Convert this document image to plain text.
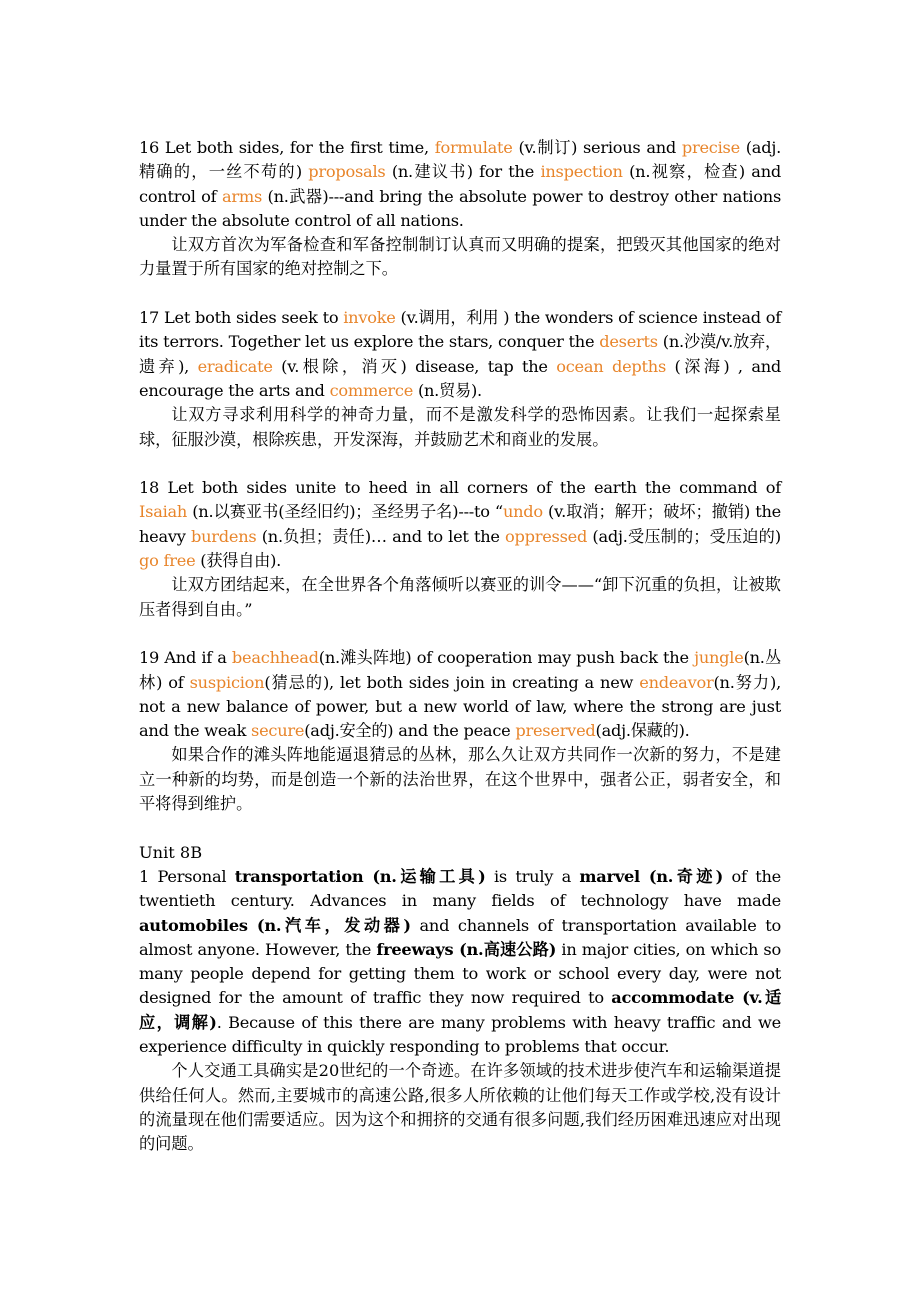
16 Let both sides, for the first time, formulate (v.制订) serious and precise (adj.精确的，一丝不苟的) proposals (n.建议书) for the inspection (n.视察，检查) and control of arms (n.武器)---and bring the absolute power to destroy other nations under the absolute control of all nations.

让双方首次为军备检查和军备控制制订认真而又明确的提案，把毁灭其他国家的绝对力量置于所有国家的绝对控制之下。

17 Let both sides seek to invoke (v.调用，利用 ) the wonders of science instead of its terrors. Together let us explore the stars, conquer the deserts (n.沙漠/v.放弃，遗弃), eradicate (v.根除，消灭) disease, tap the ocean depths (深海) , and encourage the arts and commerce (n.贸易).

让双方寻求利用科学的神奇力量，而不是激发科学的恐怖因素。让我们一起探索星球，征服沙漠，根除疾患，开发深海，并鼓励艺术和商业的发展。

18 Let both sides unite to heed in all corners of the earth the command of Isaiah (n.以赛亚书(圣经旧约)；圣经男子名)---to “undo (v.取消；解开；破坏；撤销) the heavy burdens (n.负担；责任)… and to let the oppressed (adj.受压制的；受压迫的) go free (获得自由).

让双方团结起来，在全世界各个角落倾听以赛亚的训令——“卸下沉重的负担，让被欺压者得到自由。”

19 And if a beachhead(n.滩头阵地) of cooperation may push back the jungle(n.丛林) of suspicion(猜忌的), let both sides join in creating a new endeavor(n.努力), not a new balance of power, but a new world of law, where the strong are just and the weak secure(adj.安全的) and the peace preserved(adj.保藏的).

如果合作的滩头阵地能逼退猜忌的丛林，那么久让双方共同作一次新的努力，不是建立一种新的均势，而是创造一个新的法治世界，在这个世界中，强者公正，弱者安全，和平将得到维护。

Unit 8B

1 Personal transportation (n.运输工具) is truly a marvel (n.奇迹) of the twentieth century. Advances in many fields of technology have made automobiles (n.汽车，发动器) and channels of transportation available to almost anyone. However, the freeways (n.高速公路) in major cities, on which so many people depend for getting them to work or school every day, were not designed for the amount of traffic they now required to accommodate (v.适应，调解). Because of this there are many problems with heavy traffic and we experience difficulty in quickly responding to problems that occur.

个人交通工具确实是20世纪的一个奇迹。在许多领域的技术进步使汽车和运输渠道提供给任何人。然而,主要城市的高速公路,很多人所依赖的让他们每天工作或学校,没有设计的流量现在他们需要适应。因为这个和拥挤的交通有很多问题,我们经历困难迅速应对出现的问题。
